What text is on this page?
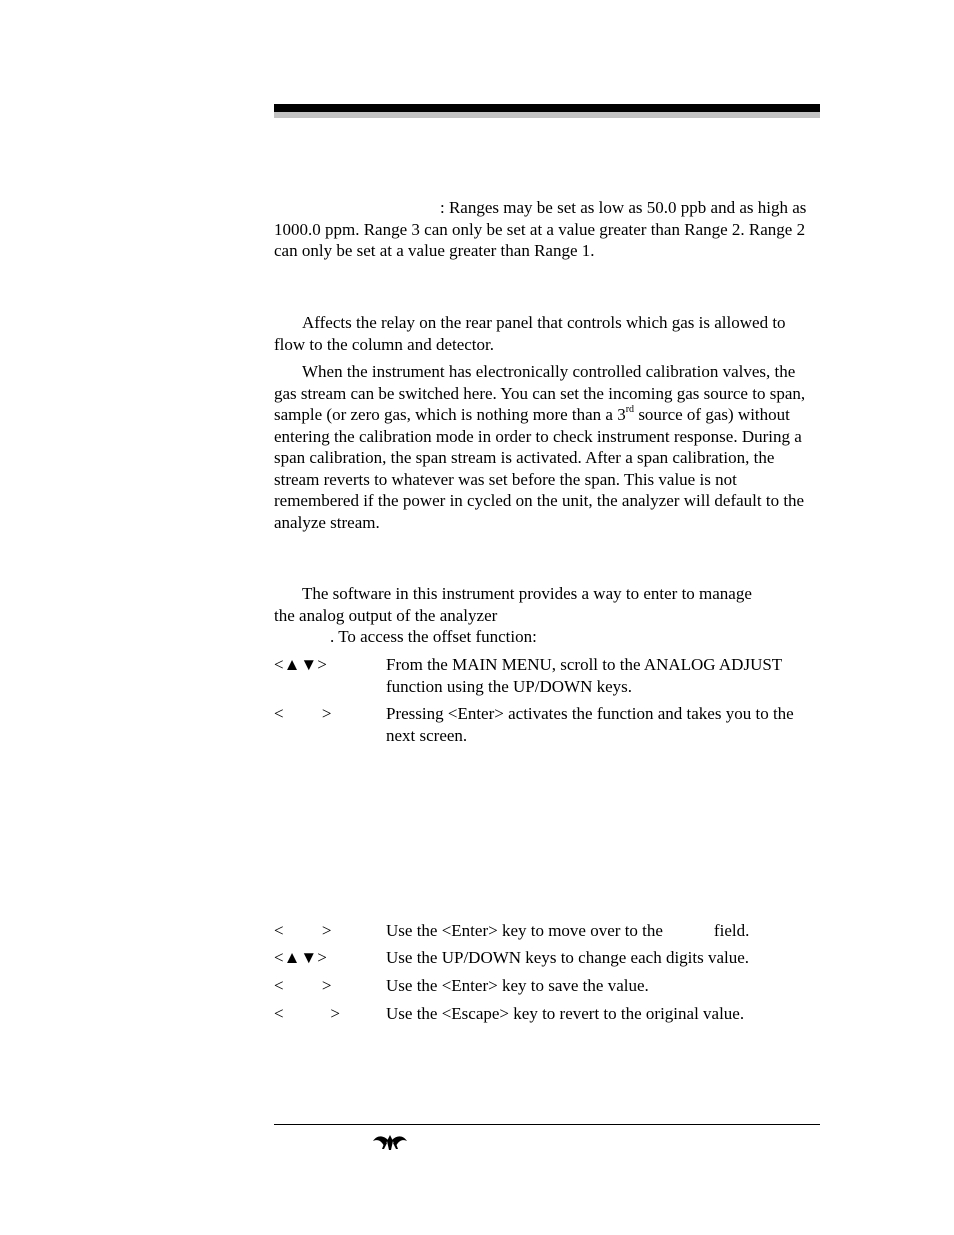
: Ranges may be set as low as 50.0 ppb and as high as 1000.0 ppm. Range 3 can only be set at a value greater than Range 2. Range 2 can only be set at a value greater than Range 1.

Affects the relay on the rear panel that controls which gas is allowed to flow to the column and detector.

When the instrument has electronically controlled calibration valves, the gas stream can be switched here. You can set the incoming gas source to span, sample (or zero gas, which is nothing more than a 3rd source of gas) without entering the calibration mode in order to check instrument response. During a span calibration, the span stream is activated. After a span calibration, the stream reverts to whatever was set before the span. This value is not remembered if the power in cycled on the unit, the analyzer will default to the analyze stream.

The software in this instrument provides a way to enter to manage

the analog output of the analyzer

. To access the offset function:

<▲▼>	From the MAIN MENU, scroll to the ANALOG ADJUST function using the UP/DOWN keys.
<         >	Pressing <Enter> activates the function and takes you to the next screen.
<         >	Use the <Enter> key to move over to the            field.
<▲▼>	Use the UP/DOWN keys to change each digits value.
<         >	Use the <Enter> key to save the value.
<           >	Use the <Escape> key to revert to the original value.
